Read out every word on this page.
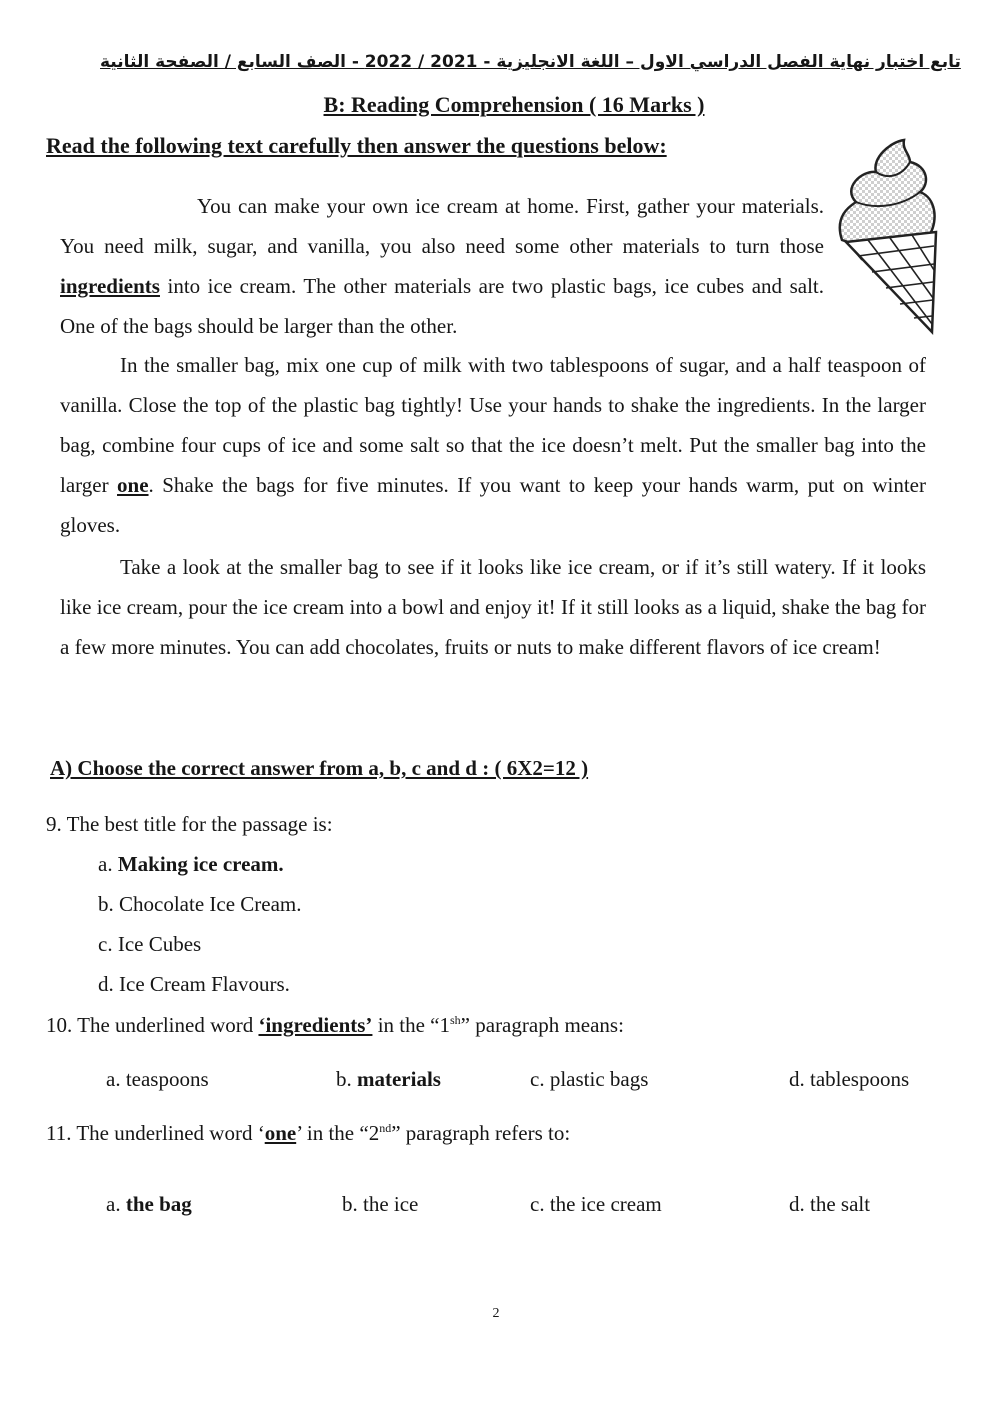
تابع اختبار نهاية الفصل الدراسي الاول – اللغة الانجليزية - 2021 / 2022 - الصف السابع / الصفحة الثانية
B: Reading Comprehension ( 16 Marks )
Read the following text carefully then answer the questions below:
You can make your own ice cream at home. First, gather your materials. You need milk, sugar, and vanilla, you also need some other materials to turn those ingredients into ice cream. The other materials are two plastic bags, ice cubes and salt. One of the bags should be larger than the other.
In the smaller bag, mix one cup of milk with two tablespoons of sugar, and a half teaspoon of vanilla. Close the top of the plastic bag tightly! Use your hands to shake the ingredients. In the larger bag, combine four cups of ice and some salt so that the ice doesn’t melt. Put the smaller bag into the larger one. Shake the bags for five minutes. If you want to keep your hands warm, put on winter gloves.
Take a look at the smaller bag to see if it looks like ice cream, or if it’s still watery. If it looks like ice cream, pour the ice cream into a bowl and enjoy it! If it still looks as a liquid, shake the bag for a few more minutes. You can add chocolates, fruits or nuts to make different flavors of ice cream!
A) Choose the correct answer from a, b, c and d : ( 6X2=12 )
9. The best title for the passage is:
a. Making ice cream.
b. Chocolate Ice Cream.
c. Ice Cubes
d. Ice Cream Flavours.
10. The underlined word ‘ingredients’ in the “$1^{sh}$” paragraph means:
a. teaspoons	b. materials	c. plastic bags	d. tablespoons
11. The underlined word ‘one’ in the “2nd” paragraph refers to:
a. the bag	b. the ice	c. the ice cream	d. the salt
2
